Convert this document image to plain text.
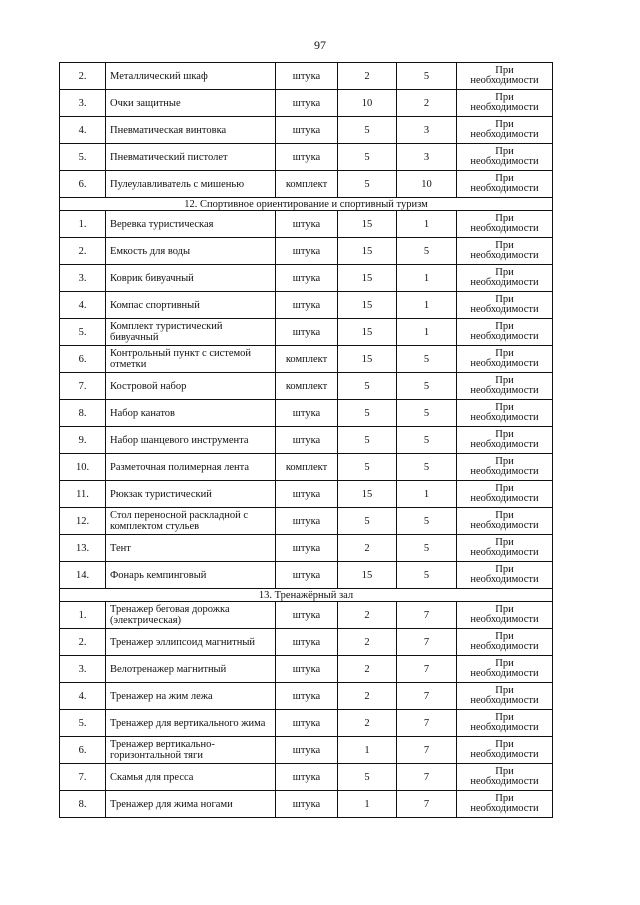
97
2.	Металлический шкаф	штука	2	5	При необходимости
3.	Очки защитные	штука	10	2	При необходимости
4.	Пневматическая винтовка	штука	5	3	При необходимости
5.	Пневматический пистолет	штука	5	3	При необходимости
6.	Пулеулавливатель с мишенью	комплект	5	10	При необходимости
12. Спортивное ориентирование и спортивный туризм					
1.	Веревка туристическая	штука	15	1	При необходимости
2.	Емкость для воды	штука	15	5	При необходимости
3.	Коврик бивуачный	штука	15	1	При необходимости
4.	Компас спортивный	штука	15	1	При необходимости
5.	Комплект туристический бивуачный	штука	15	1	При необходимости
6.	Контрольный пункт с системой отметки	комплект	15	5	При необходимости
7.	Костровой набор	комплект	5	5	При необходимости
8.	Набор канатов	штука	5	5	При необходимости
9.	Набор шанцевого инструмента	штука	5	5	При необходимости
10.	Разметочная полимерная лента	комплект	5	5	При необходимости
11.	Рюкзак туристический	штука	15	1	При необходимости
12.	Стол переносной раскладной с комплектом стульев	штука	5	5	При необходимости
13.	Тент	штука	2	5	При необходимости
14.	Фонарь кемпинговый	штука	15	5	При необходимости
13. Тренажёрный зал					
1.	Тренажер беговая дорожка (электрическая)	штука	2	7	При необходимости
2.	Тренажер эллипсоид магнитный	штука	2	7	При необходимости
3.	Велотренажер магнитный	штука	2	7	При необходимости
4.	Тренажер на жим лежа	штука	2	7	При необходимости
5.	Тренажер для вертикального жима	штука	2	7	При необходимости
6.	Тренажер вертикально-горизонтальной тяги	штука	1	7	При необходимости
7.	Скамья для пресса	штука	5	7	При необходимости
8.	Тренажер для жима ногами	штука	1	7	При необходимости
